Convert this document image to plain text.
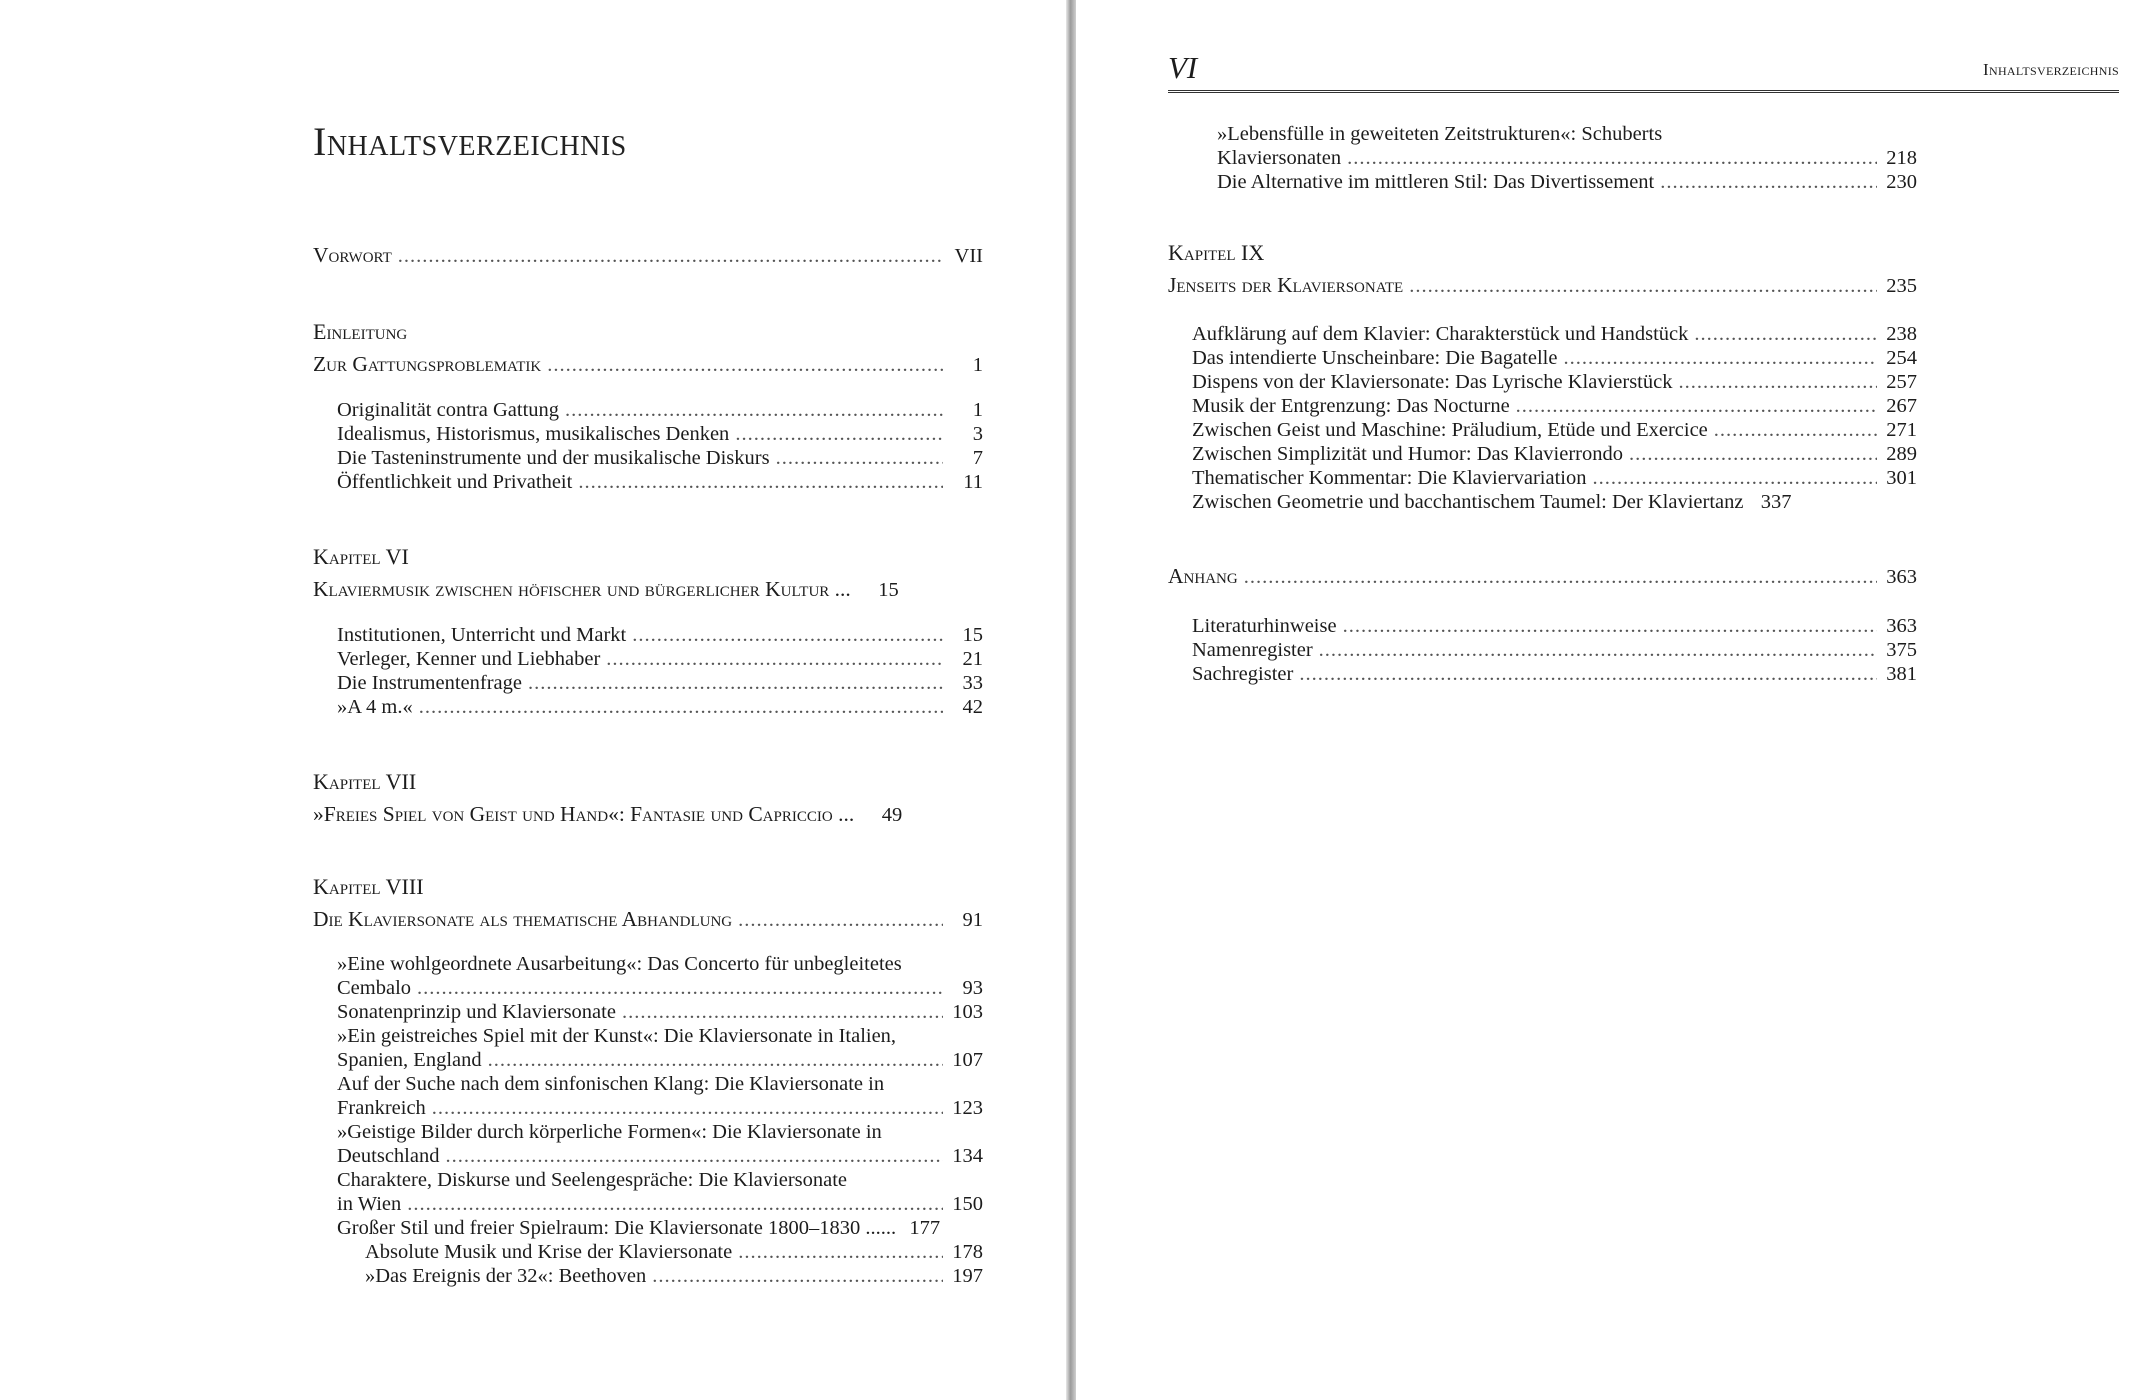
Inhaltsverzeichnis
Vorwort .....	VII
Einleitung
Zur Gattungsproblematik .....	1
Originalität contra Gattung .....	1
Idealismus, Historismus, musikalisches Denken .....	3
Die Tasteninstrumente und der musikalische Diskurs .....	7
Öffentlichkeit und Privatheit .....	11
Kapitel VI
Klaviermusik zwischen höfischer und bürgerlicher Kultur ...	15
Institutionen, Unterricht und Markt .....	15
Verleger, Kenner und Liebhaber .....	21
Die Instrumentenfrage .....	33
»A 4 m.« .....	42
Kapitel VII
»Freies Spiel von Geist und Hand«: Fantasie und Capriccio ...	49
Kapitel VIII
Die Klaviersonate als thematische Abhandlung .....	91
»Eine wohlgeordnete Ausarbeitung«: Das Concerto für unbegleitetes
Cembalo .....	93
Sonatenprinzip und Klaviersonate .....	103
»Ein geistreiches Spiel mit der Kunst«: Die Klaviersonate in Italien,
Spanien, England .....	107
Auf der Suche nach dem sinfonischen Klang: Die Klaviersonate in
Frankreich .....	123
»Geistige Bilder durch körperliche Formen«: Die Klaviersonate in
Deutschland .....	134
Charaktere, Diskurse und Seelengespräche: Die Klaviersonate
in Wien .....	150
Großer Stil und freier Spielraum: Die Klaviersonate 1800–1830 ...... 177
Absolute Musik und Krise der Klaviersonate .....	178
»Das Ereignis der 32«: Beethoven .....	197
VI	Inhaltsverzeichnis
»Lebensfülle in geweiteten Zeitstrukturen«: Schuberts
Klaviersonaten .....	218
Die Alternative im mittleren Stil: Das Divertissement .....	230
Kapitel IX
Jenseits der Klaviersonate .....	235
Aufklärung auf dem Klavier: Charakterstück und Handstück .....	238
Das intendierte Unscheinbare: Die Bagatelle .....	254
Dispens von der Klaviersonate: Das Lyrische Klavierstück .....	257
Musik der Entgrenzung: Das Nocturne .....	267
Zwischen Geist und Maschine: Präludium, Etüde und Exercice .....	271
Zwischen Simplizität und Humor: Das Klavierrondo .....	289
Thematischer Kommentar: Die Klaviervariation .....	301
Zwischen Geometrie und bacchantischem Taumel: Der Klaviertanz 337
Anhang .....	363
Literaturhinweise .....	363
Namenregister .....	375
Sachregister .....	381
